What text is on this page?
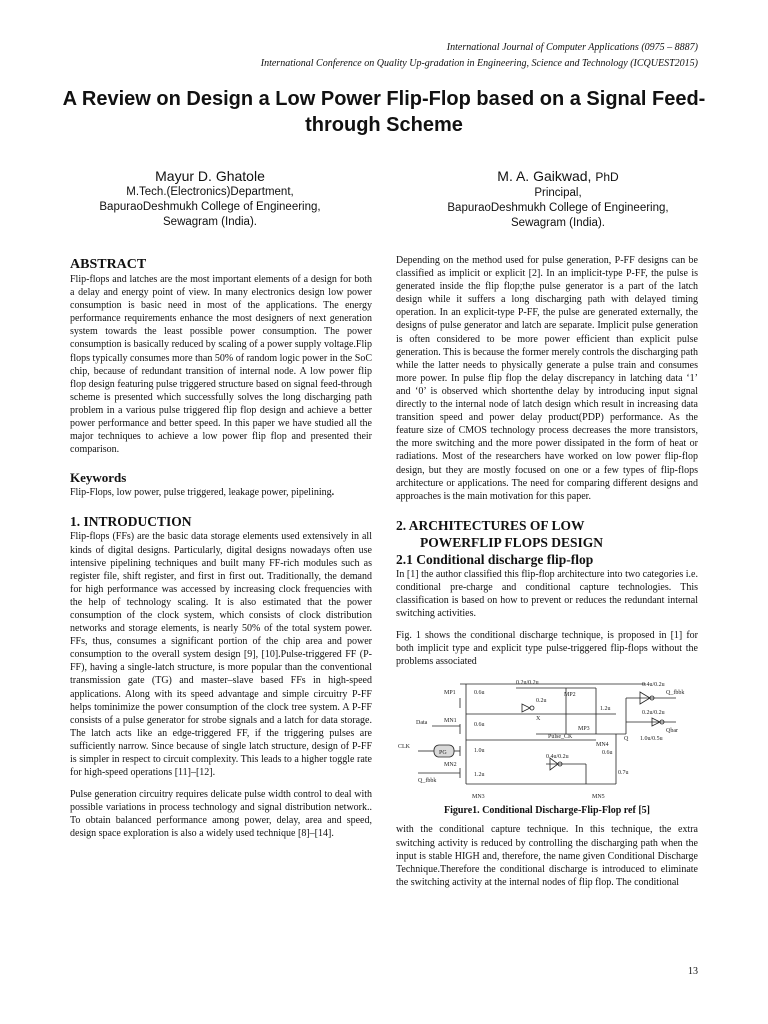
International Journal of Computer Applications (0975 – 8887)
International Conference on Quality Up-gradation in Engineering, Science and Technology (ICQUEST2015)
A Review on Design a Low Power Flip-Flop based on a Signal Feed-through Scheme
Mayur D. Ghatole
M.Tech.(Electronics)Department,
BapuraoDeshmukh College of Engineering,
Sewagram (India).
M. A. Gaikwad, PhD
Principal,
BapuraoDeshmukh College of Engineering,
Sewagram (India).
ABSTRACT

Flip-flops and latches are the most important elements of a design for both a delay and energy point of view. In many electronics design low power consumption is basic need in most of the applications. The energy performance requirements enhance the most designers of next generation system towards the least possible power consumption. The power consumption is basically reduced by scaling of a power supply voltage.Flip flops typically consumes more than 50% of random logic power in the SoC chip, because of redundant transition of internal node. A low power flip flop design featuring pulse triggered structure based on signal feed-through scheme is presented which successfully solves the long discharging path problem in a various pulse triggered flip flop design and achieve a better power performance and better speed. In this paper we have studied all the major techniques to achieve a low power flip flop and presented their comparison.

Keywords

Flip-Flops, low power, pulse triggered, leakage power, pipelining.

1. INTRODUCTION

Flip-flops (FFs) are the basic data storage elements used extensively in all kinds of digital designs. Particularly, digital designs nowadays often use intensive pipelining techniques and built many FF-rich modules such as register file, shift register, and first in first out. Traditionally, the demand for high performance was accessed by increasing clock frequencies with the help of technology scaling. It is also estimated that the power consumption of the clock system, which consists of clock distribution networks and storage elements, is nearly 50% of the total system power. FFs, thus, consumes a significant portion of the chip area and power consumption to the overall system design [9], [10].Pulse-triggered FF (P-FF), having a single-latch structure, is more popular than the conventional transmission gate (TG) and master–slave based FFs in high-speed applications. Along with its speed advantage and simple circuitry P-FF helps tominimize the power consumption of the clock tree system. A P-FF consists of a pulse generator for strobe signals and a latch for data storage. The latch acts like an edge-triggered FF, if the triggering pulses are sufficiently narrow. Since because of single latch structure, design of P-FF is simpler in respect to circuit complexity. This leads to a higher toggle rate for high-speed operations [11]–[12].

Pulse generation circuitry requires delicate pulse width control to deal with possible variations in process technology and signal distribution network.. To obtain balanced performance among power, delay, area and speed, design space exploration is also a widely used technique [8]–[14].

Depending on the method used for pulse generation, P-FF designs can be classified as implicit or explicit [2]. In an implicit-type P-FF, the pulse is generated inside the flip flop;the pulse generator is a part of the latch design while it suffers a long discharging path with delayed timing operation. In an explicit-type P-FF, the pulse are generated externally, the designs of pulse generator and latch are separate. Implicit pulse generation is often considered to be more power efficient than explicit pulse generation. This is because the former merely controls the discharging path while the latter needs to physically generate a pulse train and consumes more power. In pulse flip flop the delay discrepancy in latching data ‘1’ and ‘0’ is observed which shortenthe delay by introducing input signal directly to the internal node of latch design which result in increasing data transition speed and power delay product(PDP) performance. As the feature size of CMOS technology process decreases the more transistors, the more switching and the more power dissipated in the form of heat or radiations. Most of the researchers have worked on low power flip-flop design, but they are mostly focused on one or a few types of flip-flops architecture or applications. The need for comparing different designs and approaches is the main motivation for this paper.

2. ARCHITECTURES OF LOW
POWERFLIP FLOPS DESIGN
2.1 Conditional discharge flip-flop

In [1] the author classified this flip-flop architecture into two categories i.e. conditional pre-charge and conditional capture technologies. This classification is based on how to prevent or reduces the redundant internal switching activities.

Fig. 1 shows the conditional discharge technique, is proposed in [1] for both implicit type and explicit type pulse-triggered flip-flops without the problems associated

MP1	MP2
MP3
MN1
MN2
MN3
MN4
MN5
Data
CLK
PG
Pulse_CK
Q_fbbk
Q
Qbar
Q_fbbk
X
0.6u
0.2u/0.2u
0.2u
1.2u
0.6u
1.0u	0.6u
1.2u
0.4u/0.2u
0.7u
0.4u/0.2u
0.2u/0.2u
1.0u/0.5u
Figure1. Conditional Discharge-Flip-Flop ref [5]

with the conditional capture technique. In this technique, the extra switching activity is reduced by controlling the discharging path when the input is stable HIGH and, therefore, the name given Conditional Discharge Technique.Therefore the conditional discharge is introduced to eliminate the switching activity at the internal nodes of flip flop. The conditional

13
